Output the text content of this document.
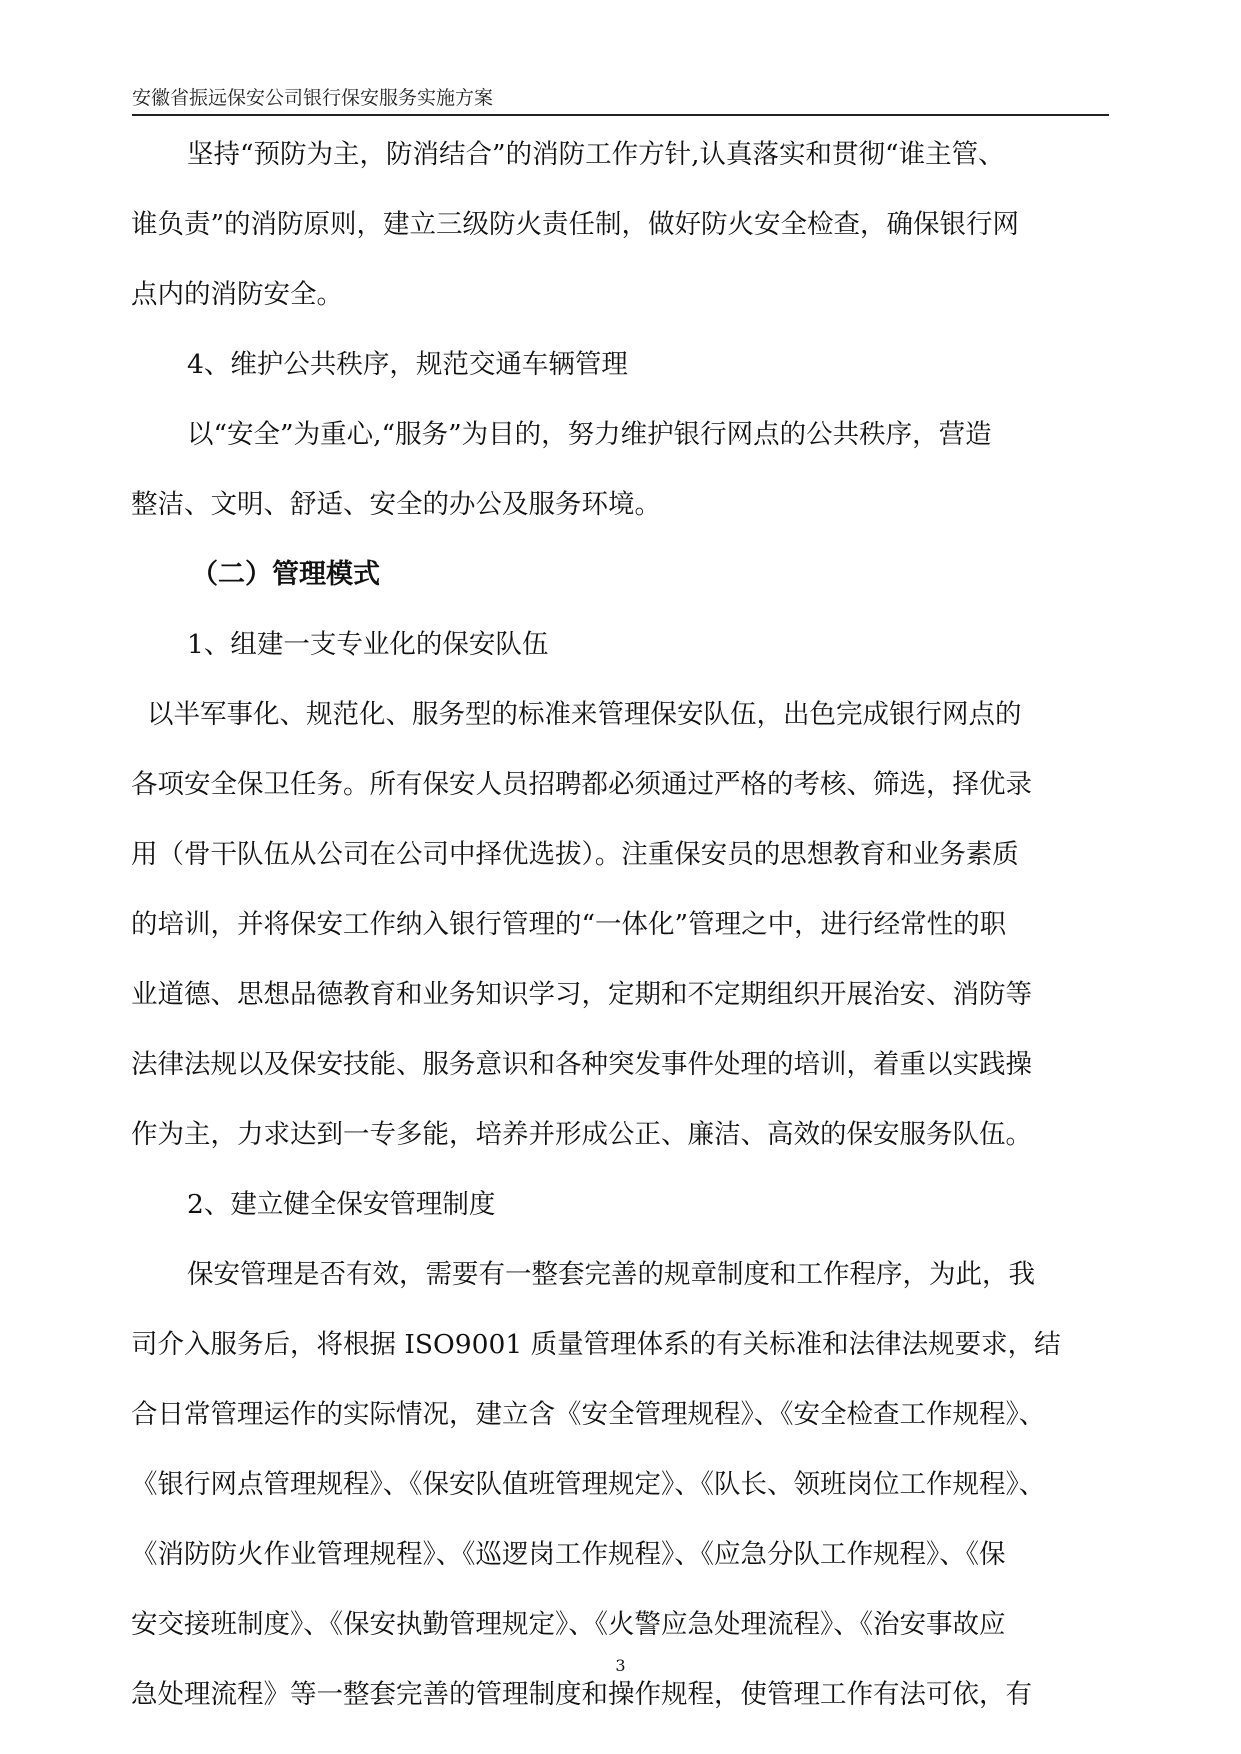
安徽省振远保安公司银行保安服务实施方案
坚持“预防为主，防消结合”的消防工作方针,认真落实和贯彻“谁主管、
谁负责”的消防原则，建立三级防火责任制，做好防火安全检查，确保银行网
点内的消防安全。
4、维护公共秩序，规范交通车辆管理
以“安全”为重心,“服务”为目的，努力维护银行网点的公共秩序，营造
整洁、文明、舒适、安全的办公及服务环境。
（二）管理模式
1、组建一支专业化的保安队伍
以半军事化、规范化、服务型的标准来管理保安队伍，出色完成银行网点的
各项安全保卫任务。所有保安人员招聘都必须通过严格的考核、筛选，择优录
用（骨干队伍从公司在公司中择优选拔）。注重保安员的思想教育和业务素质
的培训，并将保安工作纳入银行管理的“一体化”管理之中，进行经常性的职
业道德、思想品德教育和业务知识学习，定期和不定期组织开展治安、消防等
法律法规以及保安技能、服务意识和各种突发事件处理的培训，着重以实践操
作为主，力求达到一专多能，培养并形成公正、廉洁、高效的保安服务队伍。
2、建立健全保安管理制度
保安管理是否有效，需要有一整套完善的规章制度和工作程序，为此，我
司介入服务后，将根据 ISO9001 质量管理体系的有关标准和法律法规要求，结
合日常管理运作的实际情况，建立含《安全管理规程》、《安全检查工作规程》、
《银行网点管理规程》、《保安队值班管理规定》、《队长、领班岗位工作规程》、
《消防防火作业管理规程》、《巡逻岗工作规程》、《应急分队工作规程》、《保
安交接班制度》、《保安执勤管理规定》、《火警应急处理流程》、《治安事故应
急处理流程》等一整套完善的管理制度和操作规程，使管理工作有法可依，有
3
